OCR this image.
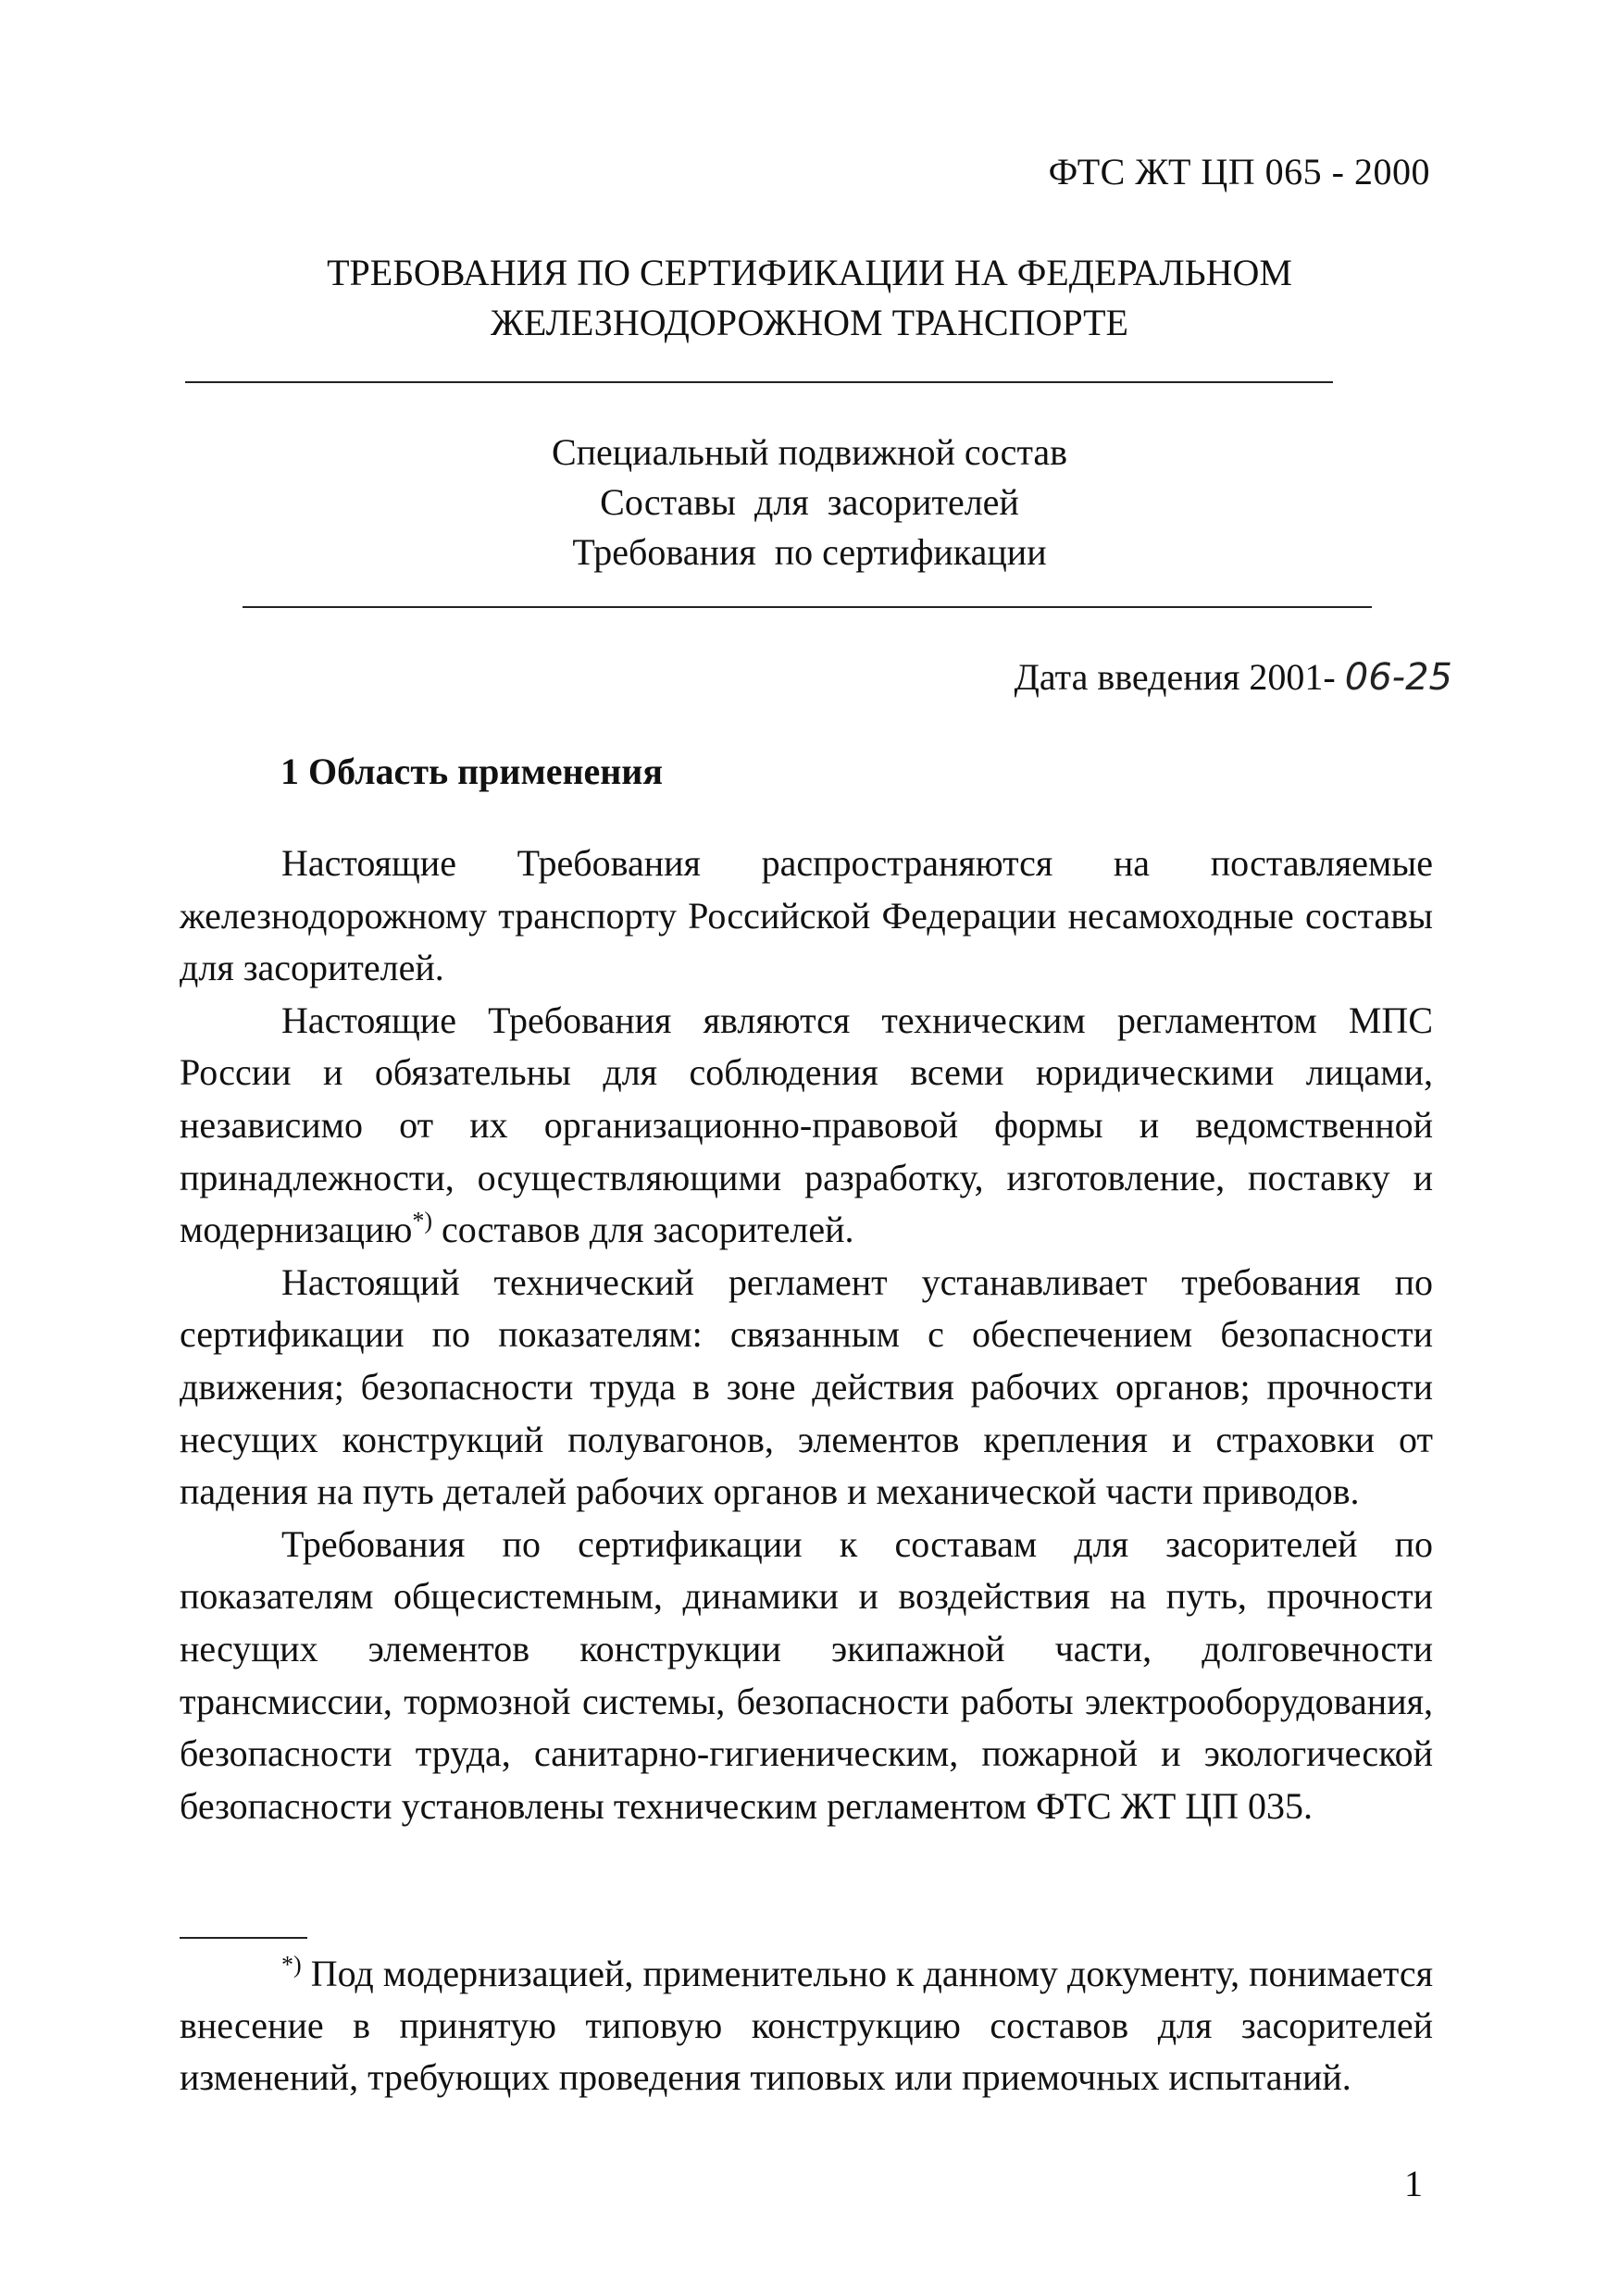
ФТС ЖТ ЦП 065 - 2000
ТРЕБОВАНИЯ ПО СЕРТИФИКАЦИИ НА ФЕДЕРАЛЬНОМ
ЖЕЛЕЗНОДОРОЖНОМ ТРАНСПОРТЕ
Специальный подвижной состав
Составы  для  засорителей
Требования  по сертификации
Дата введения 2001- 06-25
1 Область применения

Настоящие Требования распространяются на поставляемые железнодорожному транспорту Российской Федерации несамоходные составы для засорителей.

Настоящие Требования являются техническим регламентом МПС России и обязательны для соблюдения всеми юридическими лицами, независимо от их организационно-правовой формы и ведомственной принадлежности, осуществляющими разработку, изготовление, поставку и модернизацию*) составов для засорителей.

Настоящий технический регламент устанавливает требования по сертификации по показателям: связанным с обеспечением безопасности движения; безопасности труда в зоне действия рабочих органов; прочности несущих конструкций полувагонов, элементов крепления и страховки от падения на путь деталей рабочих органов и механической части приводов.

Требования по сертификации к составам для засорителей по показателям общесистемным, динамики и воздействия на путь, прочности несущих элементов конструкции экипажной части, долговечности трансмиссии, тормозной системы, безопасности работы электрооборудования, безопасности труда, санитарно-гигиеническим, пожарной и экологической безопасности установлены техническим регламентом ФТС ЖТ ЦП 035.

*) Под модернизацией, применительно к данному документу, понимается внесение в принятую типовую конструкцию составов для засорителей изменений, требующих проведения типовых или приемочных испытаний.

1
